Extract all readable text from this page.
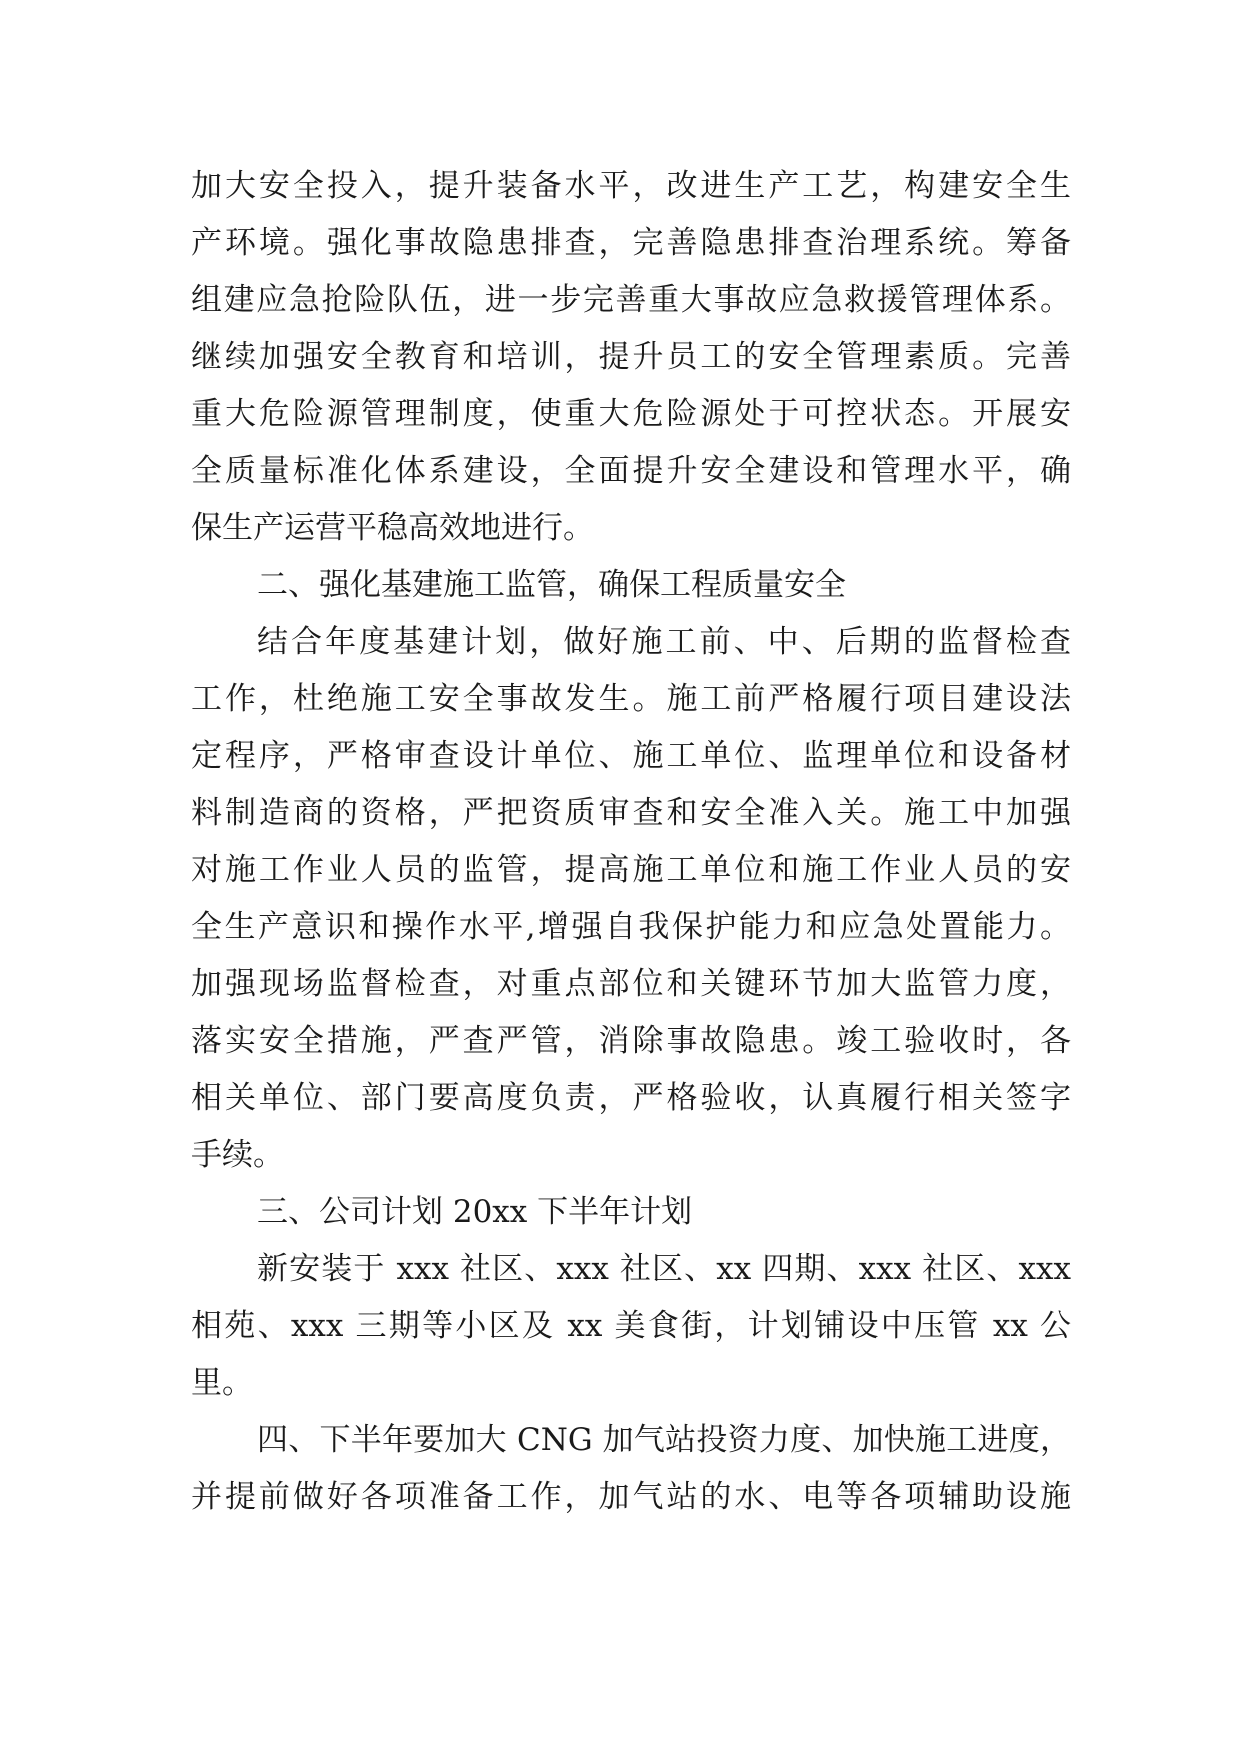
加大安全投入，提升装备水平，改进生产工艺，构建安全生
产环境。强化事故隐患排查，完善隐患排查治理系统。筹备
组建应急抢险队伍，进一步完善重大事故应急救援管理体系。
继续加强安全教育和培训，提升员工的安全管理素质。完善
重大危险源管理制度，使重大危险源处于可控状态。开展安
全质量标准化体系建设，全面提升安全建设和管理水平，确
保生产运营平稳高效地进行。
二、强化基建施工监管，确保工程质量安全
结合年度基建计划，做好施工前、中、后期的监督检查
工作，杜绝施工安全事故发生。施工前严格履行项目建设法
定程序，严格审查设计单位、施工单位、监理单位和设备材
料制造商的资格，严把资质审查和安全准入关。施工中加强
对施工作业人员的监管，提高施工单位和施工作业人员的安
全生产意识和操作水平,增强自我保护能力和应急处置能力。
加强现场监督检查，对重点部位和关键环节加大监管力度，
落实安全措施，严查严管，消除事故隐患。竣工验收时，各
相关单位、部门要高度负责，严格验收，认真履行相关签字
手续。
三、公司计划 20xx 下半年计划
新安装于 xxx 社区、xxx 社区、xx 四期、xxx 社区、xxx
相苑、xxx 三期等小区及 xx 美食街，计划铺设中压管 xx 公
里。
四、下半年要加大 CNG 加气站投资力度、加快施工进度，
并提前做好各项准备工作，加气站的水、电等各项辅助设施
